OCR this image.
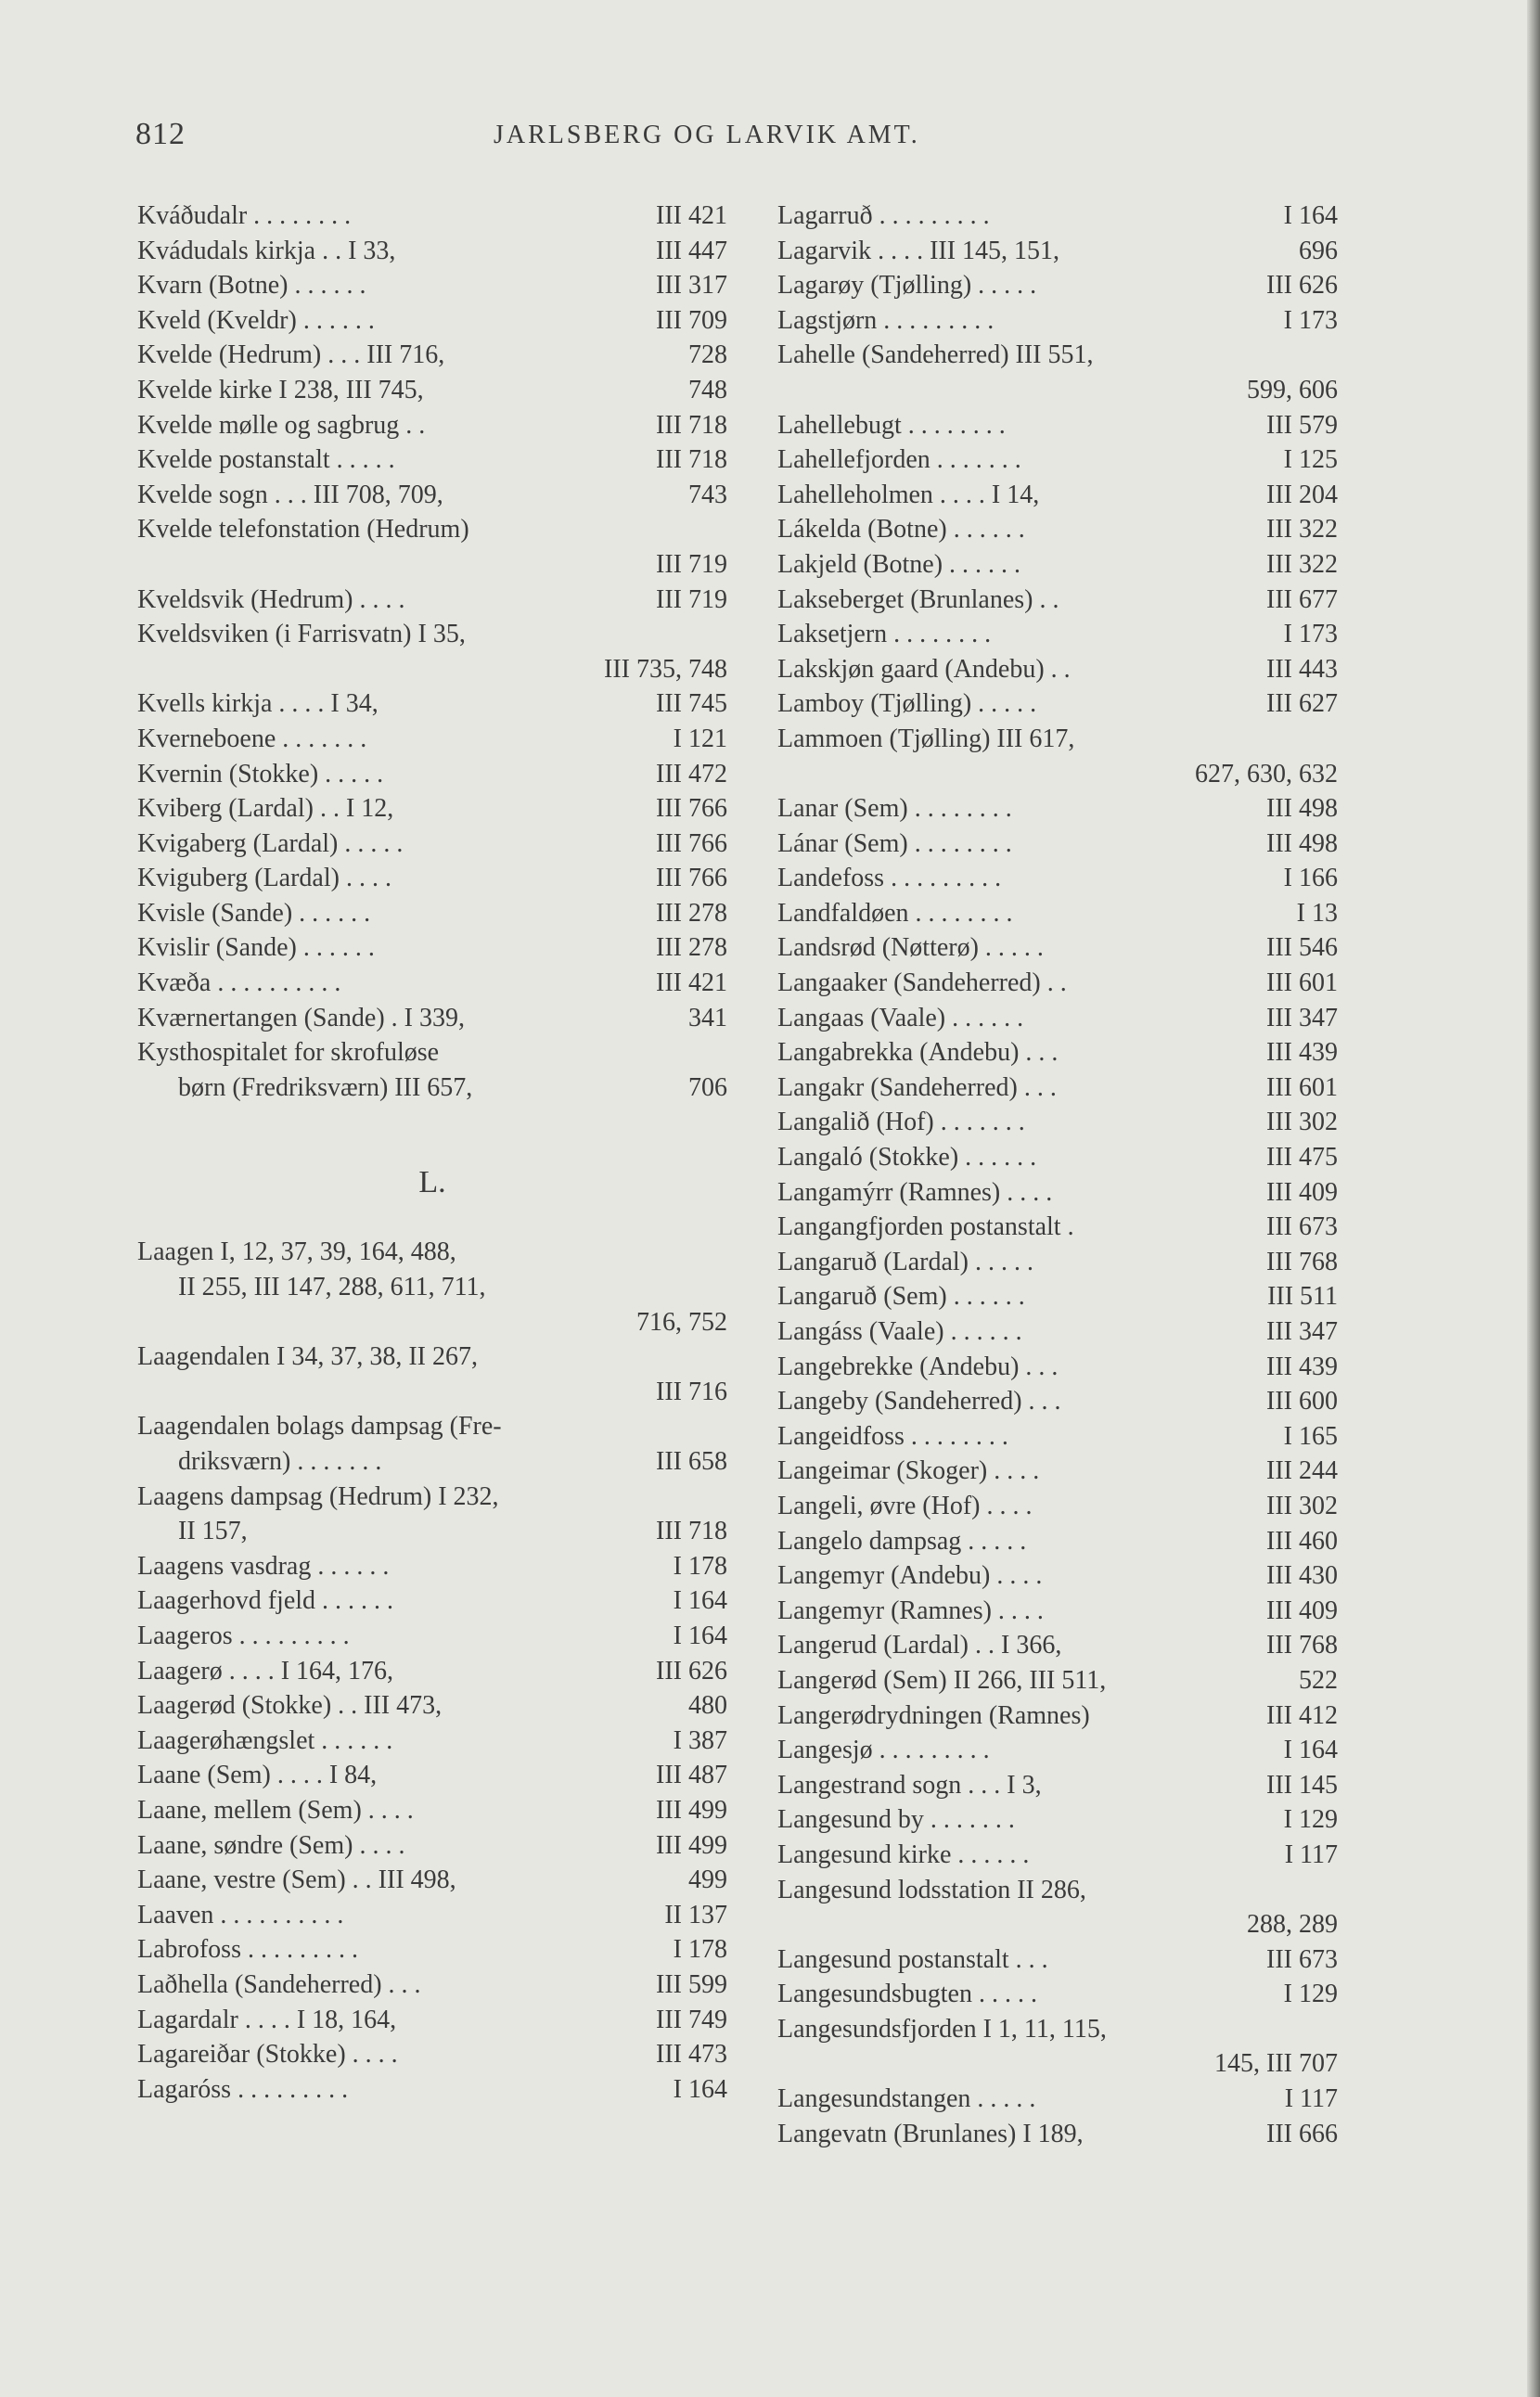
812	JARLSBERG OG LARVIK AMT.
Kváðudalr . . . . . . . .	III 421
Kvádudals kirkja . . I 33,	III 447
Kvarn (Botne) . . . . . .	III 317
Kveld (Kveldr) . . . . . .	III 709
Kvelde (Hedrum) . . . III 716,	728
Kvelde kirke I 238, III 745,	748
Kvelde mølle og sagbrug . .	III 718
Kvelde postanstalt . . . . .	III 718
Kvelde sogn . . . III 708, 709,	743
Kvelde telefonstation (Hedrum)
III 719
Kveldsvik (Hedrum) . . . .	III 719
Kveldsviken (i Farrisvatn) I 35,
III 735, 748
Kvells kirkja . . . . I 34,	III 745
Kverneboene . . . . . . .	I 121
Kvernin (Stokke) . . . . .	III 472
Kviberg (Lardal) . . I 12,	III 766
Kvigaberg (Lardal) . . . . .	III 766
Kviguberg (Lardal) . . . .	III 766
Kvisle (Sande) . . . . . .	III 278
Kvislir (Sande) . . . . . .	III 278
Kvæða . . . . . . . . . .	III 421
Kværnertangen (Sande) . I 339,	341
Kysthospitalet for skrofuløse
børn (Fredriksværn) III 657,	706
L.
Laagen I, 12, 37, 39, 164, 488,
II 255, III 147, 288, 611, 711,
716, 752
Laagendalen I 34, 37, 38, II 267,
III 716
Laagendalen bolags dampsag (Fre-
driksværn) . . . . . . .	III 658
Laagens dampsag (Hedrum) I 232,
II 157,	III 718
Laagens vasdrag . . . . . .	I 178
Laagerhovd fjeld . . . . . .	I 164
Laageros . . . . . . . . .	I 164
Laagerø . . . . I 164, 176,	III 626
Laagerød (Stokke) . . III 473,	480
Laagerøhængslet . . . . . .	I 387
Laane (Sem) . . . . I 84,	III 487
Laane, mellem (Sem) . . . .	III 499
Laane, søndre (Sem) . . . .	III 499
Laane, vestre (Sem) . . III 498,	499
Laaven . . . . . . . . . .	II 137
Labrofoss . . . . . . . . .	I 178
Laðhella (Sandeherred) . . .	III 599
Lagardalr . . . . I 18, 164,	III 749
Lagareiðar (Stokke) . . . .	III 473
Lagaróss . . . . . . . . .	I 164
Lagarruð . . . . . . . . .	I 164
Lagarvik . . . . III 145, 151,	696
Lagarøy (Tjølling) . . . . .	III 626
Lagstjørn . . . . . . . . .	I 173
Lahelle (Sandeherred) III 551,
599, 606
Lahellebugt . . . . . . . .	III 579
Lahellefjorden . . . . . . .	I 125
Lahelleholmen . . . . I 14,	III 204
Lákelda (Botne) . . . . . .	III 322
Lakjeld (Botne) . . . . . .	III 322
Lakseberget (Brunlanes) . .	III 677
Laksetjern . . . . . . . .	I 173
Lakskjøn gaard (Andebu) . .	III 443
Lamboy (Tjølling) . . . . .	III 627
Lammoen (Tjølling) III 617,
627, 630, 632
Lanar (Sem) . . . . . . . .	III 498
Lánar (Sem) . . . . . . . .	III 498
Landefoss . . . . . . . . .	I 166
Landfaldøen . . . . . . . .	I 13
Landsrød (Nøtterø) . . . . .	III 546
Langaaker (Sandeherred) . .	III 601
Langaas (Vaale) . . . . . .	III 347
Langabrekka (Andebu) . . .	III 439
Langakr (Sandeherred) . . .	III 601
Langalið (Hof) . . . . . . .	III 302
Langaló (Stokke) . . . . . .	III 475
Langamýrr (Ramnes) . . . .	III 409
Langangfjorden postanstalt .	III 673
Langaruð (Lardal) . . . . .	III 768
Langaruð (Sem) . . . . . .	III 511
Langáss (Vaale) . . . . . .	III 347
Langebrekke (Andebu) . . .	III 439
Langeby (Sandeherred) . . .	III 600
Langeidfoss . . . . . . . .	I 165
Langeimar (Skoger) . . . .	III 244
Langeli, øvre (Hof) . . . .	III 302
Langelo dampsag . . . . .	III 460
Langemyr (Andebu) . . . .	III 430
Langemyr (Ramnes) . . . .	III 409
Langerud (Lardal) . . I 366,	III 768
Langerød (Sem) II 266, III 511,	522
Langerødrydningen (Ramnes)	III 412
Langesjø . . . . . . . . .	I 164
Langestrand sogn . . . I 3,	III 145
Langesund by . . . . . . .	I 129
Langesund kirke . . . . . .	I 117
Langesund lodsstation II 286,
288, 289
Langesund postanstalt . . .	III 673
Langesundsbugten . . . . .	I 129
Langesundsfjorden I 1, 11, 115,
145, III 707
Langesundstangen . . . . .	I 117
Langevatn (Brunlanes) I 189,	III 666
